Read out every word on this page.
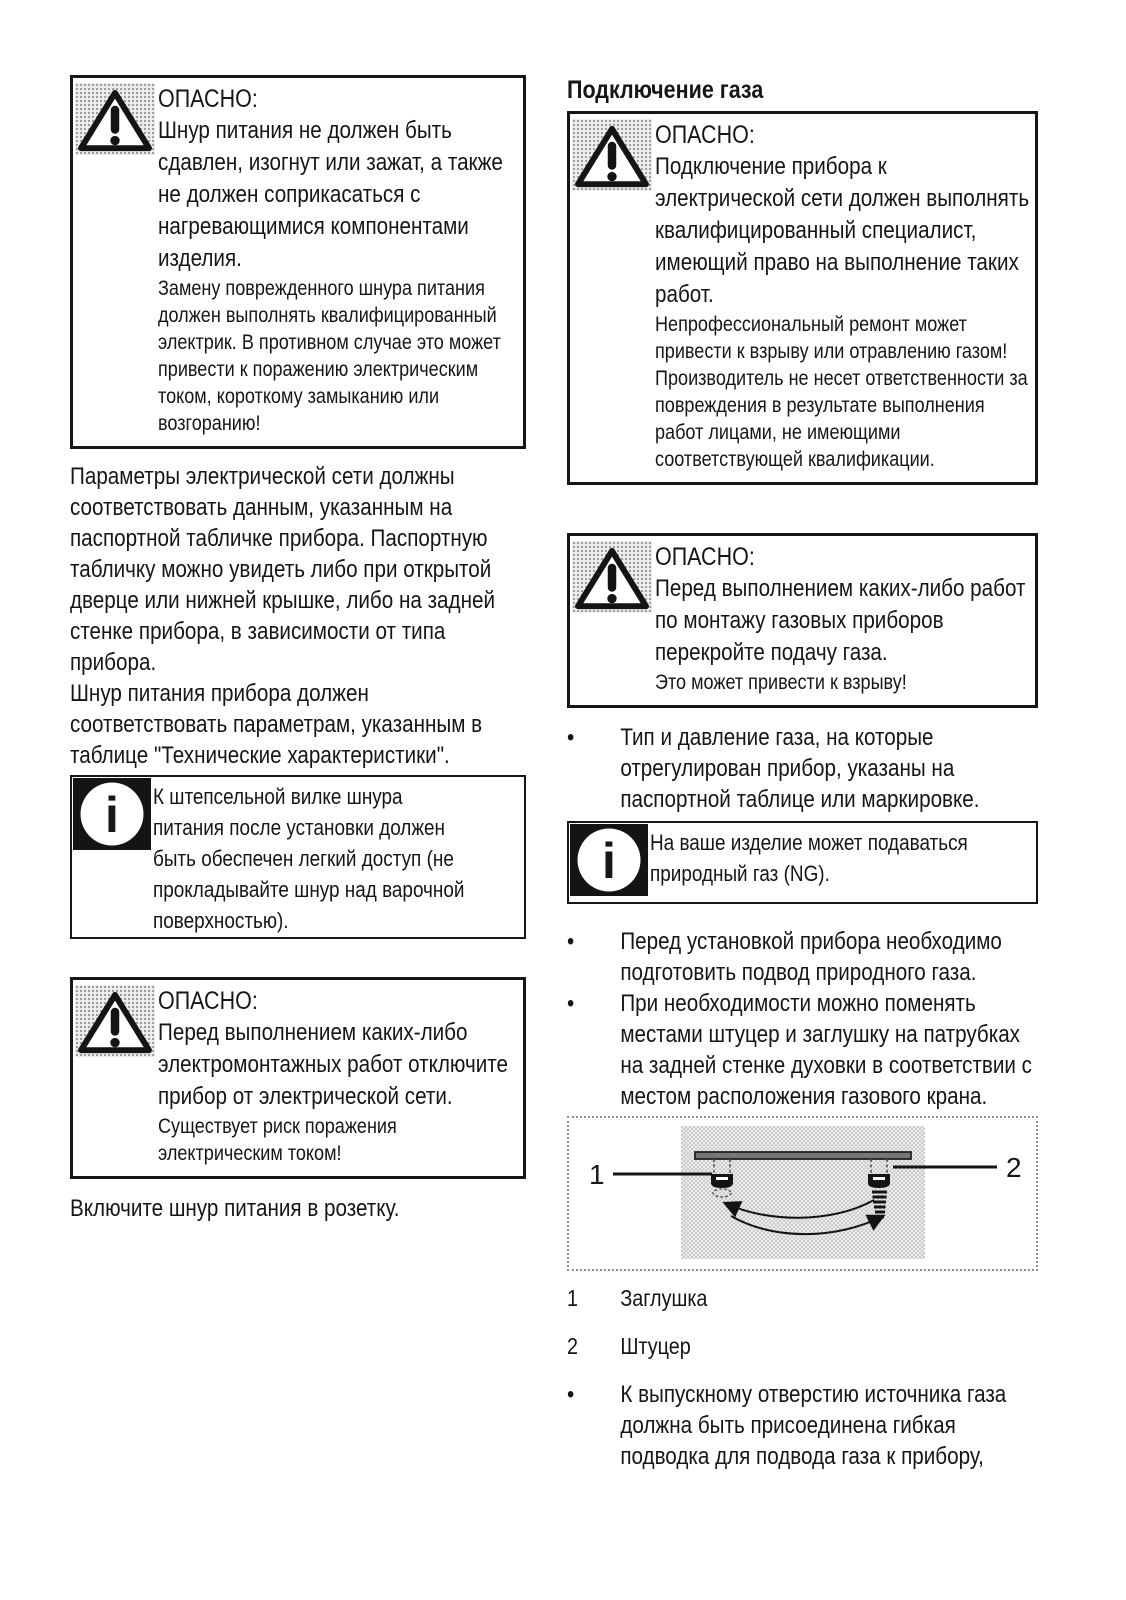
ОПАСНО:

Шнур питания не должен быть сдавлен, изогнут или зажат, а также не должен соприкасаться с нагревающимися компонентами изделия.

Замену поврежденного шнура питания должен выполнять квалифицированный электрик. В противном случае это может привести к поражению электрическим током, короткому замыканию или возгоранию!

Параметры электрической сети должны соответствовать данным, указанным на паспортной табличке прибора. Паспортную табличку можно увидеть либо при открытой дверце или нижней крышке, либо на задней стенке прибора, в зависимости от типа прибора.

Шнур питания прибора должен соответствовать параметрам, указанным в таблице "Технические характеристики".

i К штепсельной вилке шнура питания после установки должен быть обеспечен легкий доступ (не прокладывайте шнур над варочной поверхностью).

ОПАСНО:

Перед выполнением каких-либо электромонтажных работ отключите прибор от электрической сети.

Существует риск поражения электрическим током!

Включите шнур питания в розетку.

Подключение газа
ОПАСНО:

Подключение прибора к электрической сети должен выполнять квалифицированный специалист, имеющий право на выполнение таких работ.

Непрофессиональный ремонт может привести к взрыву или отравлению газом!

Производитель не несет ответственности за повреждения в результате выполнения работ лицами, не имеющими соответствующей квалификации.

ОПАСНО:

Перед выполнением каких-либо работ по монтажу газовых приборов перекройте подачу газа.

Это может привести к взрыву!

•	Тип и давление газа, на которые отрегулирован прибор, указаны на паспортной таблице или маркировке.
i На ваше изделие может подаваться природный газ (NG).

•	Перед установкой прибора необходимо подготовить подвод природного газа.
•	При необходимости можно поменять местами штуцер и заглушку на патрубках на задней стенке духовки в соответствии с местом расположения газового крана.
1	2
1	Заглушка
2	Штуцер
•	К выпускному отверстию источника газа должна быть присоединена гибкая подводка для подвода газа к прибору,
